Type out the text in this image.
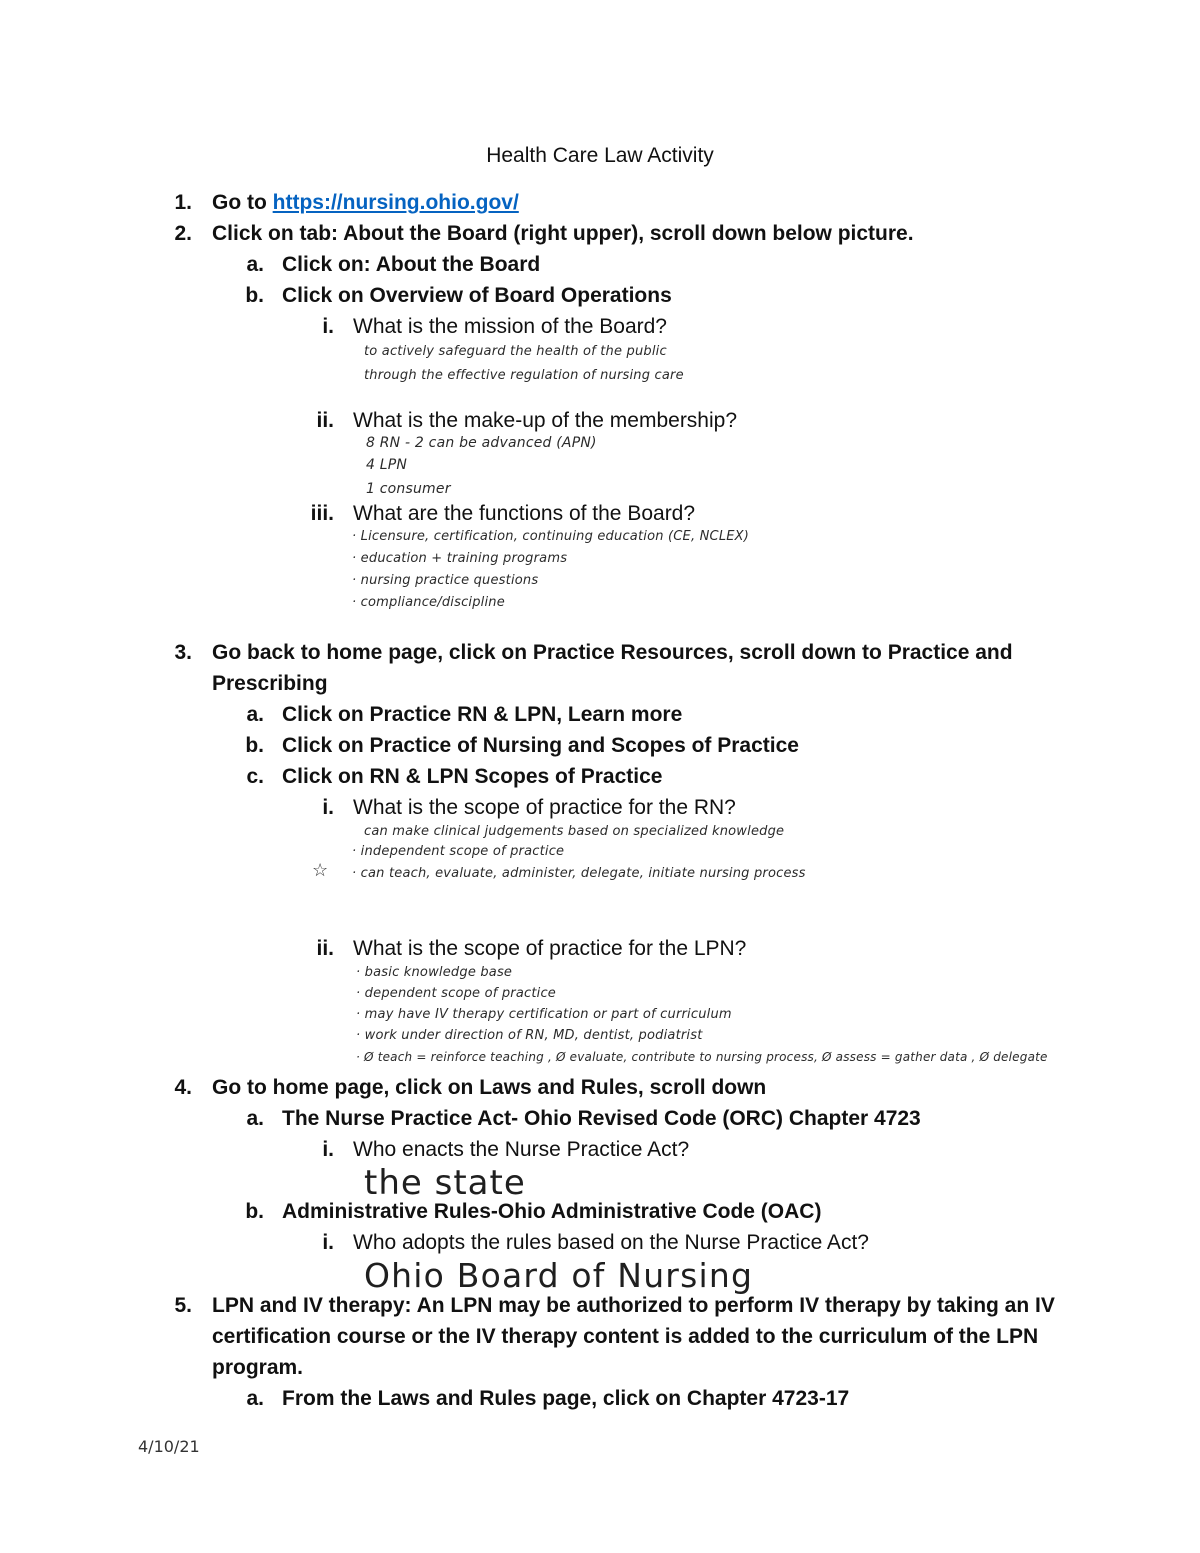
Health Care Law Activity
1. Go to https://nursing.ohio.gov/
2. Click on tab: About the Board (right upper), scroll down below picture.
a. Click on: About the Board
b. Click on Overview of Board Operations
i. What is the mission of the Board?
to actively safeguard the health of the public
through the effective regulation of nursing care
ii. What is the make-up of the membership?
8 RN - 2 can be advanced (APN)
4 LPN
1 consumer
iii. What are the functions of the Board?
· Licensure, certification, continuing education (CE, NCLEX)
· education + training programs
· nursing practice questions
· compliance/discipline
3. Go back to home page, click on Practice Resources, scroll down to Practice and
Prescribing
a. Click on Practice RN & LPN, Learn more
b. Click on Practice of Nursing and Scopes of Practice
c. Click on RN & LPN Scopes of Practice
i. What is the scope of practice for the RN?
can make clinical judgements based on specialized knowledge
· independent scope of practice
☆ · can teach, evaluate, administer, delegate, initiate nursing process
ii. What is the scope of practice for the LPN?
· basic knowledge base
· dependent scope of practice
· may have IV therapy certification or part of curriculum
· work under direction of RN, MD, dentist, podiatrist
· Ø teach = reinforce teaching , Ø evaluate, contribute to nursing process, Ø assess = gather data , Ø delegate
4. Go to home page, click on Laws and Rules, scroll down
a. The Nurse Practice Act- Ohio Revised Code (ORC) Chapter 4723
i. Who enacts the Nurse Practice Act?
the state
b. Administrative Rules-Ohio Administrative Code (OAC)
i. Who adopts the rules based on the Nurse Practice Act?
Ohio Board of Nursing
5. LPN and IV therapy: An LPN may be authorized to perform IV therapy by taking an IV
certification course or the IV therapy content is added to the curriculum of the LPN
program.
a. From the Laws and Rules page, click on Chapter 4723-17
4/10/21
